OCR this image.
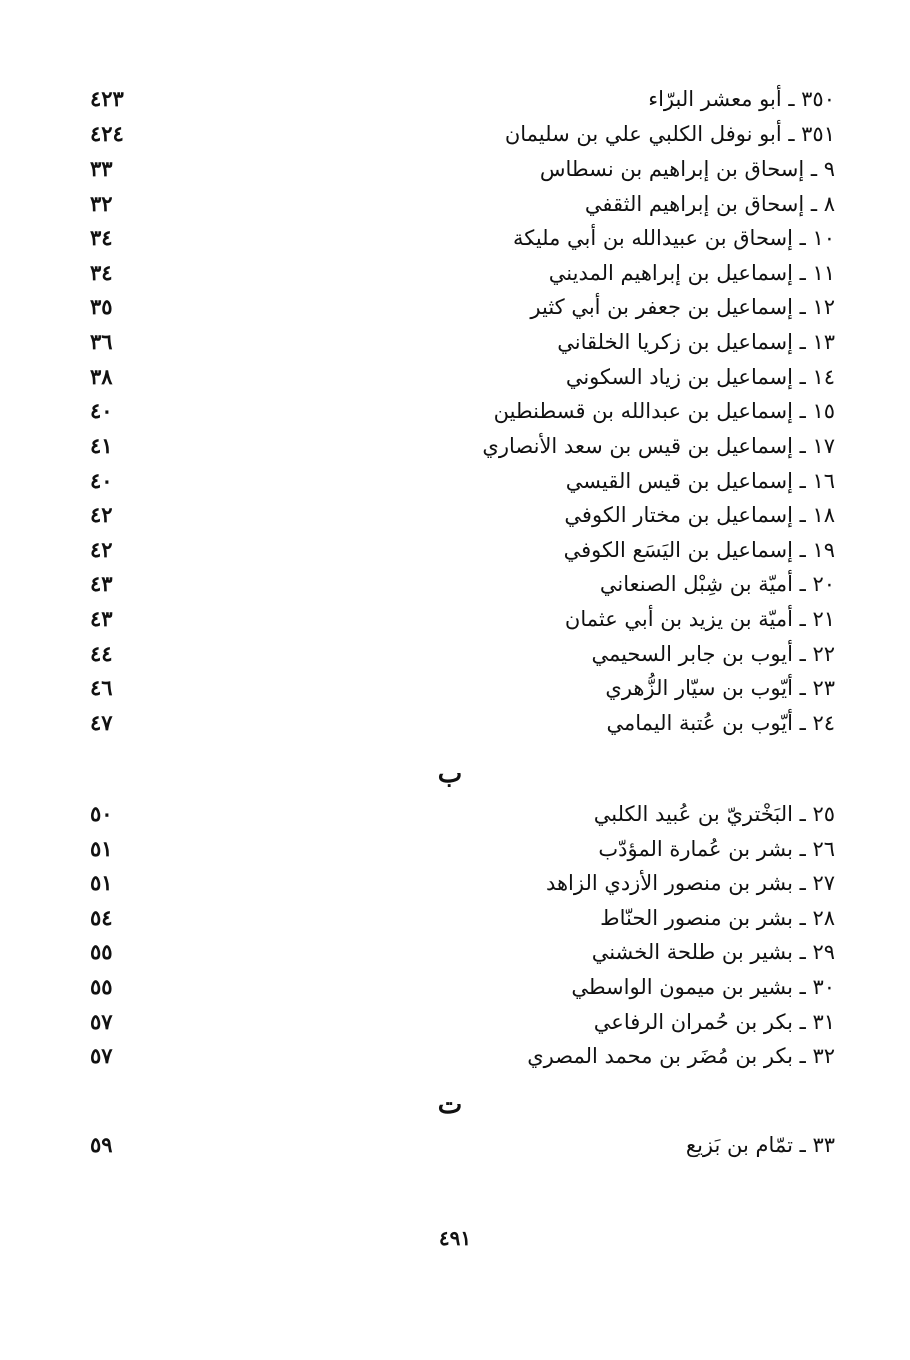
٣٥٠ ـ أبو معشر البرّاء
٤٢٣
٣٥١ ـ أبو نوفل الكلبي علي بن سليمان
٤٢٤
٩ ـ إسحاق بن إبراهيم بن نسطاس
٣٣
٨ ـ إسحاق بن إبراهيم الثقفي
٣٢
١٠ ـ إسحاق بن عبيدالله بن أبي مليكة
٣٤
١١ ـ إسماعيل بن إبراهيم المديني
٣٤
١٢ ـ إسماعيل بن جعفر بن أبي كثير
٣٥
١٣ ـ إسماعيل بن زكريا الخلقاني
٣٦
١٤ ـ إسماعيل بن زياد السكوني
٣٨
١٥ ـ إسماعيل بن عبدالله بن قسطنطين
٤٠
١٧ ـ إسماعيل بن قيس بن سعد الأنصاري
٤١
١٦ ـ إسماعيل بن قيس القيسي
٤٠
١٨ ـ إسماعيل بن مختار الكوفي
٤٢
١٩ ـ إسماعيل بن اليَسَع الكوفي
٤٢
٢٠ ـ أميّة بن شِبْل الصنعاني
٤٣
٢١ ـ أميّة بن يزيد بن أبي عثمان
٤٣
٢٢ ـ أيوب بن جابر السحيمي
٤٤
٢٣ ـ أيّوب بن سيّار الزُّهري
٤٦
٢٤ ـ أيّوب بن عُتبة اليمامي
٤٧
ب
٢٥ ـ البَخْتريّ بن عُبيد الكلبي
٥٠
٢٦ ـ بشر بن عُمارة المؤدّب
٥١
٢٧ ـ بشر بن منصور الأزدي الزاهد
٥١
٢٨ ـ بشر بن منصور الحنّاط
٥٤
٢٩ ـ بشير بن طلحة الخشني
٥٥
٣٠ ـ بشير بن ميمون الواسطي
٥٥
٣١ ـ بكر بن حُمران الرفاعي
٥٧
٣٢ ـ بكر بن مُضَر بن محمد المصري
٥٧
ت
٣٣ ـ تمّام بن بَزيع
٥٩
٤٩١
